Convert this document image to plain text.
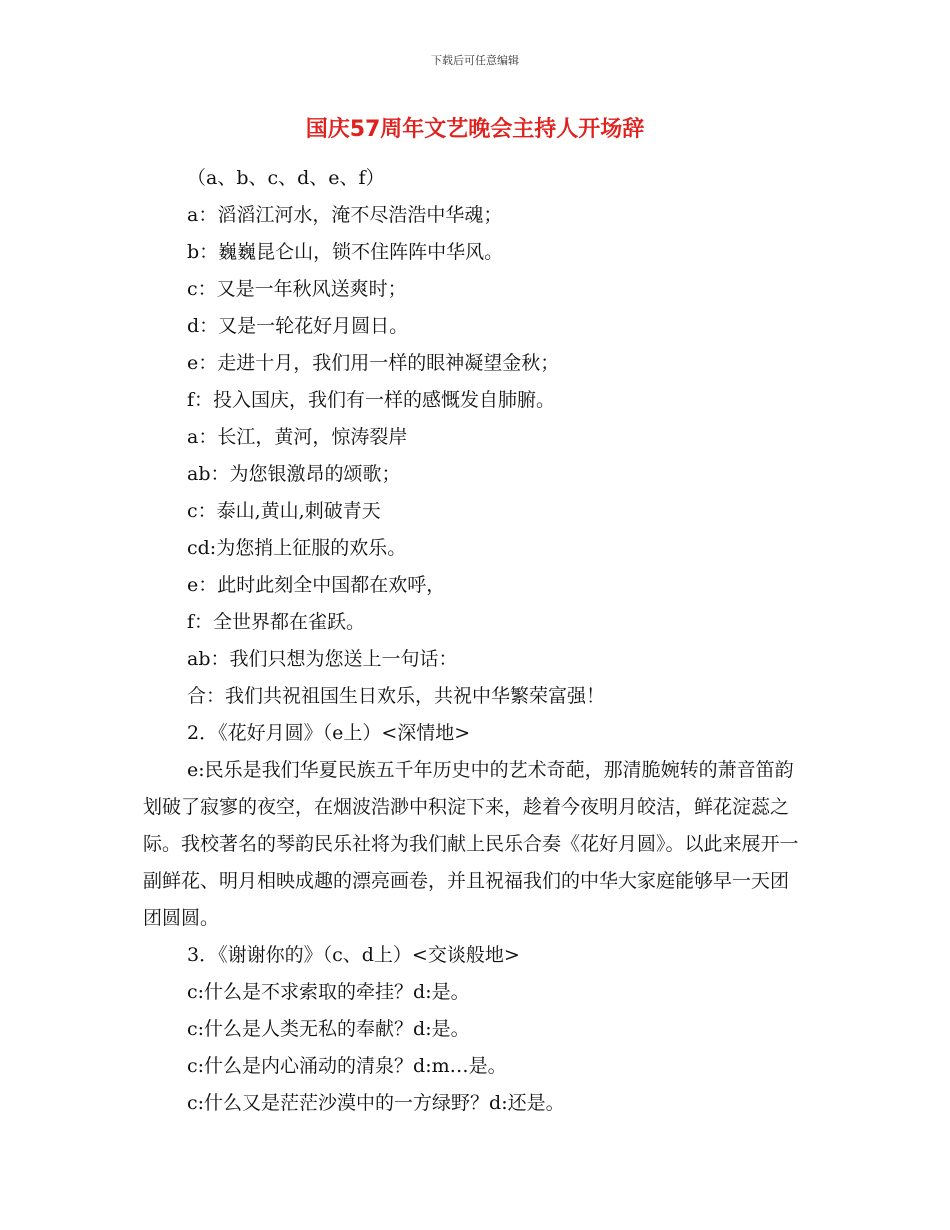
下载后可任意编辑
国庆57周年文艺晚会主持人开场辞
（a、b、c、d、e、f）
a：滔滔江河水，淹不尽浩浩中华魂；
b：巍巍昆仑山，锁不住阵阵中华风。
c：又是一年秋风送爽时；
d：又是一轮花好月圆日。
e：走进十月，我们用一样的眼神凝望金秋；
f：投入国庆，我们有一样的感慨发自肺腑。
a：长江，黄河，惊涛裂岸
ab：为您银激昂的颂歌；
c：泰山,黄山,刺破青天
cd:为您捎上征服的欢乐。
e：此时此刻全中国都在欢呼，
f：全世界都在雀跃。
ab：我们只想为您送上一句话：
合：我们共祝祖国生日欢乐，共祝中华繁荣富强！
2．《花好月圆》（e上）<深情地>
e:民乐是我们华夏民族五千年历史中的艺术奇葩，那清脆婉转的萧音笛韵划破了寂寥的夜空，在烟波浩渺中积淀下来，趁着今夜明月皎洁，鲜花淀蕊之际。我校著名的琴韵民乐社将为我们献上民乐合奏《花好月圆》。以此来展开一副鲜花、明月相映成趣的漂亮画卷，并且祝福我们的中华大家庭能够早一天团团圆圆。
3．《谢谢你的》（c、d上）<交谈般地>
c:什么是不求索取的牵挂？d:是。
c:什么是人类无私的奉献？d:是。
c:什么是内心涌动的清泉？d:m…是。
c:什么又是茫茫沙漠中的一方绿野？d:还是。
